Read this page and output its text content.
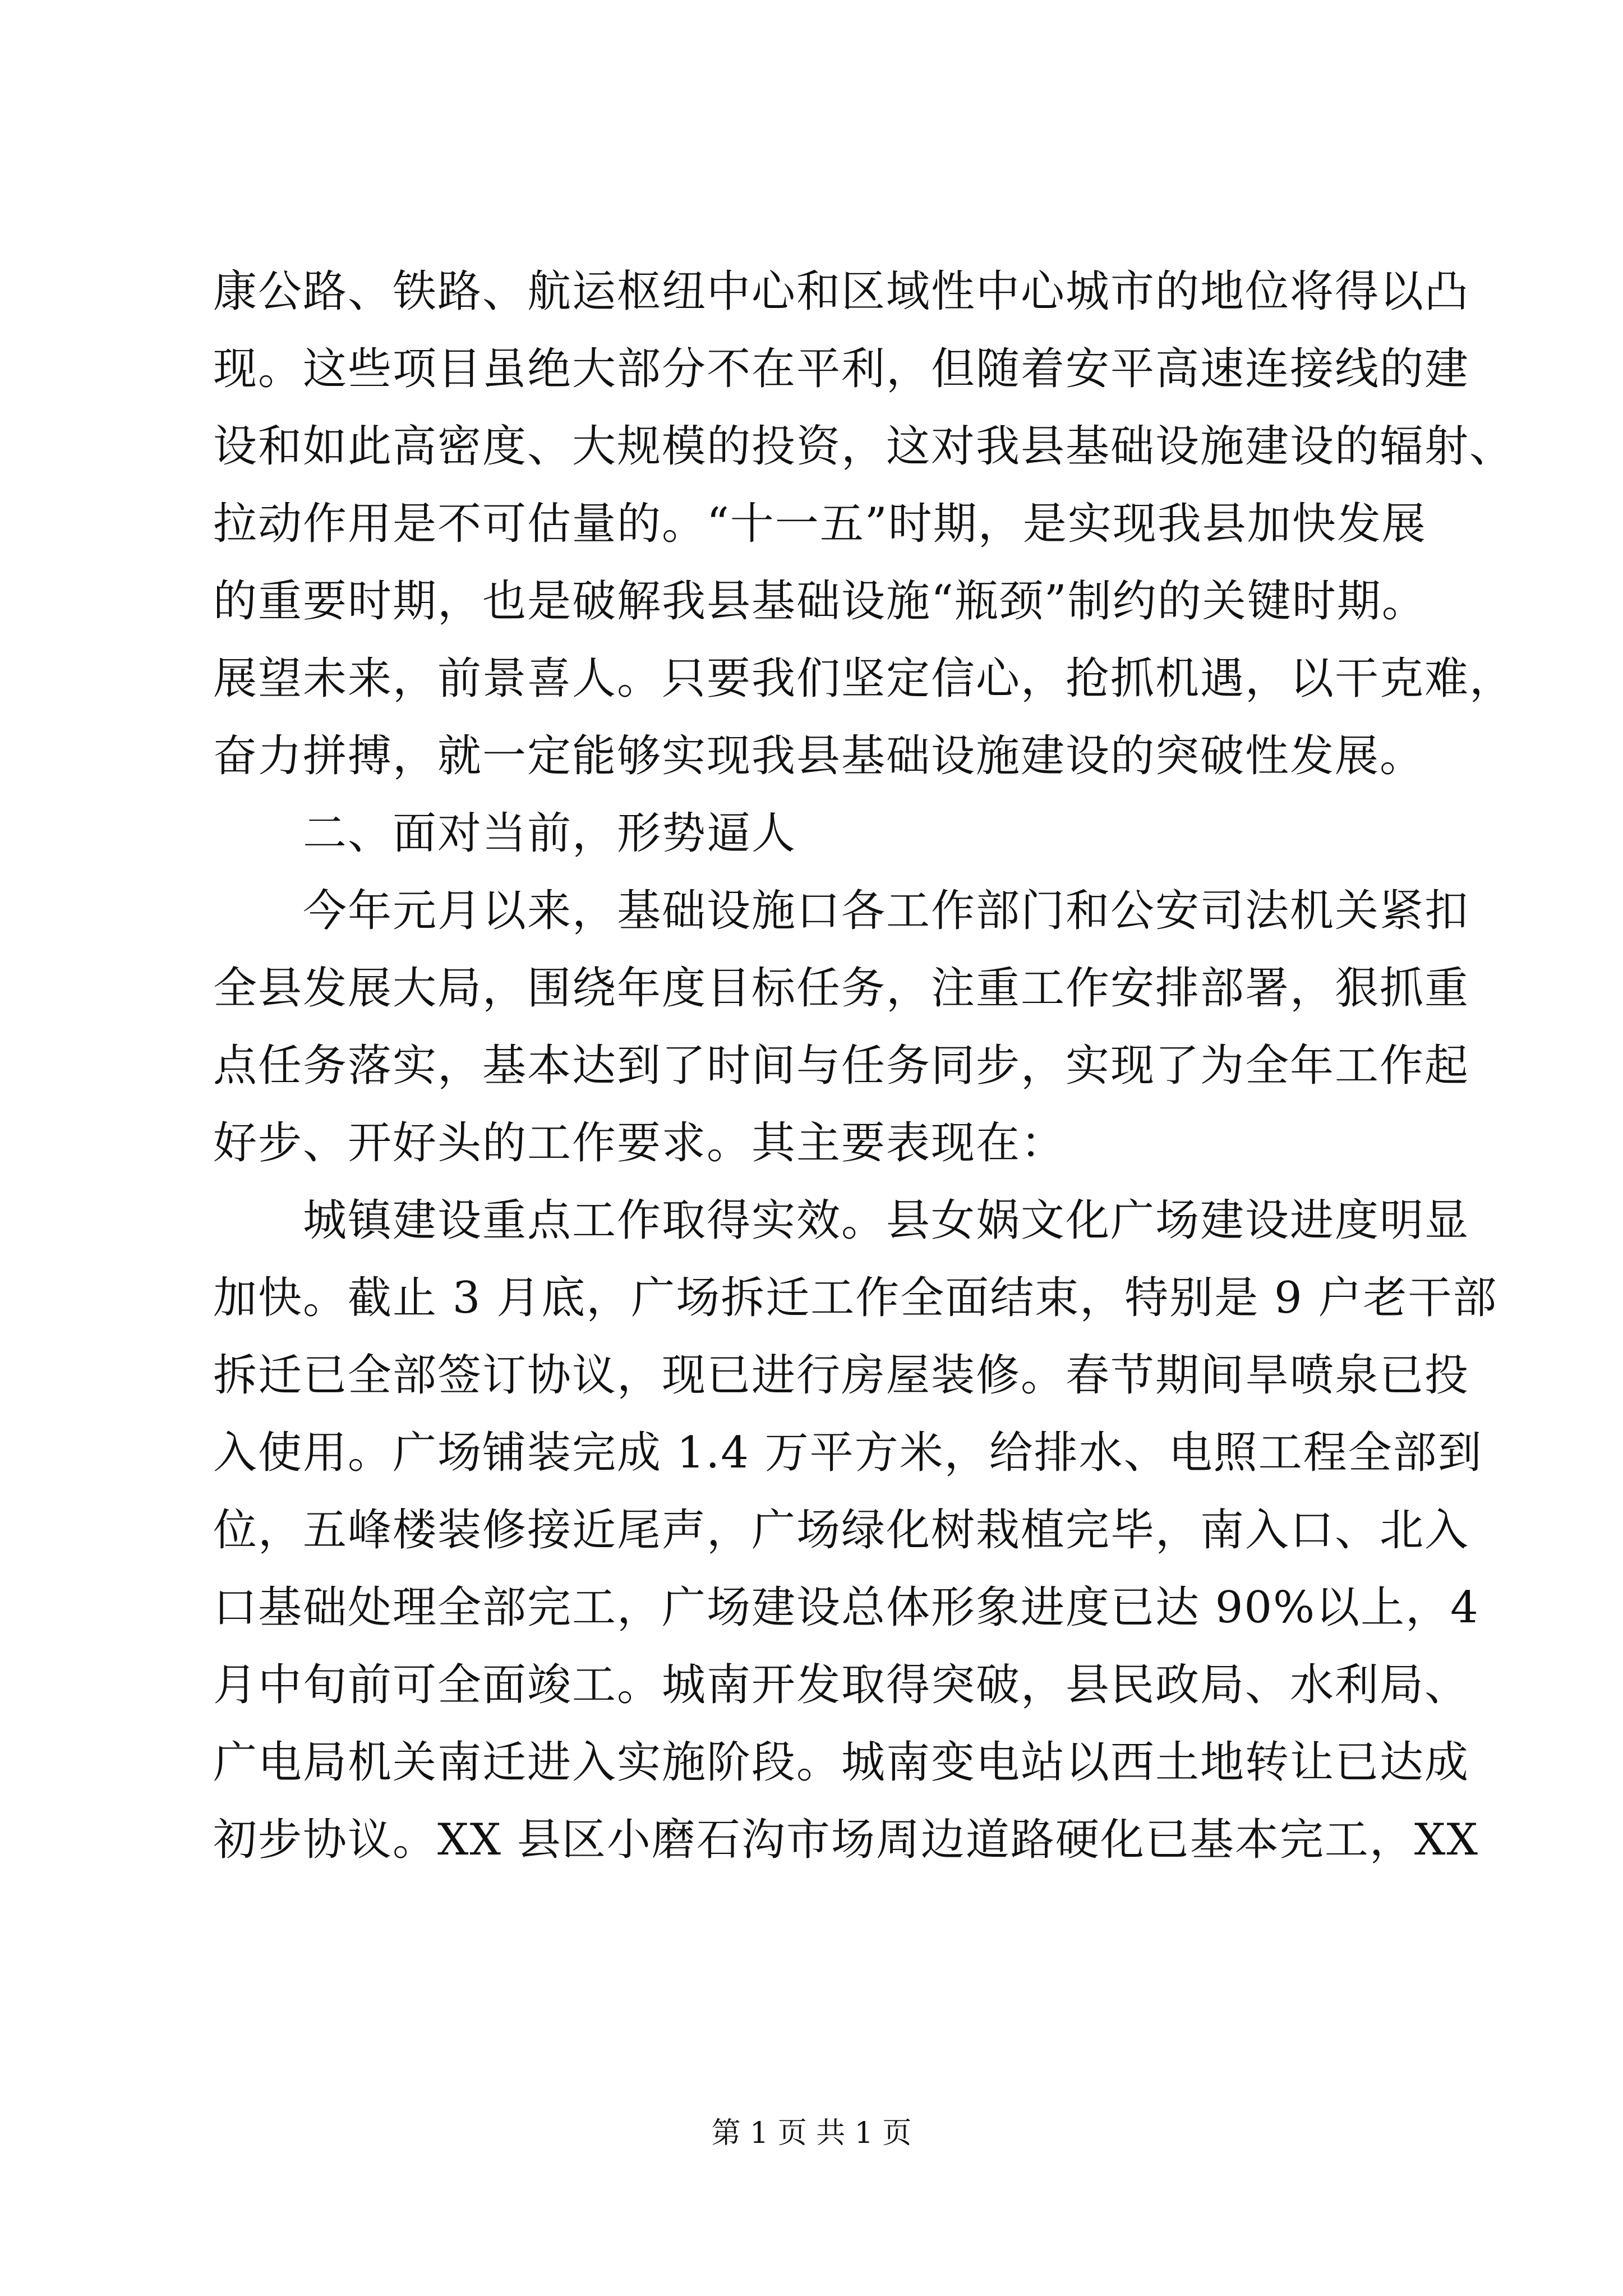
康公路、铁路、航运枢纽中心和区域性中心城市的地位将得以凸
现。这些项目虽绝大部分不在平利，但随着安平高速连接线的建
设和如此高密度、大规模的投资，这对我县基础设施建设的辐射、
拉动作用是不可估量的。“十一五”时期，是实现我县加快发展
的重要时期，也是破解我县基础设施“瓶颈”制约的关键时期。
展望未来，前景喜人。只要我们坚定信心，抢抓机遇，以干克难，
奋力拼搏，就一定能够实现我县基础设施建设的突破性发展。
二、面对当前，形势逼人
今年元月以来，基础设施口各工作部门和公安司法机关紧扣
全县发展大局，围绕年度目标任务，注重工作安排部署，狠抓重
点任务落实，基本达到了时间与任务同步，实现了为全年工作起
好步、开好头的工作要求。其主要表现在：
城镇建设重点工作取得实效。县女娲文化广场建设进度明显
加快。截止 3 月底，广场拆迁工作全面结束，特别是 9 户老干部
拆迁已全部签订协议，现已进行房屋装修。春节期间旱喷泉已投
入使用。广场铺装完成 1.4 万平方米，给排水、电照工程全部到
位，五峰楼装修接近尾声，广场绿化树栽植完毕，南入口、北入
口基础处理全部完工，广场建设总体形象进度已达 90%以上，4
月中旬前可全面竣工。城南开发取得突破，县民政局、水利局、
广电局机关南迁进入实施阶段。城南变电站以西土地转让已达成
初步协议。XX 县区小磨石沟市场周边道路硬化已基本完工，XX
第 1 页 共 1 页
